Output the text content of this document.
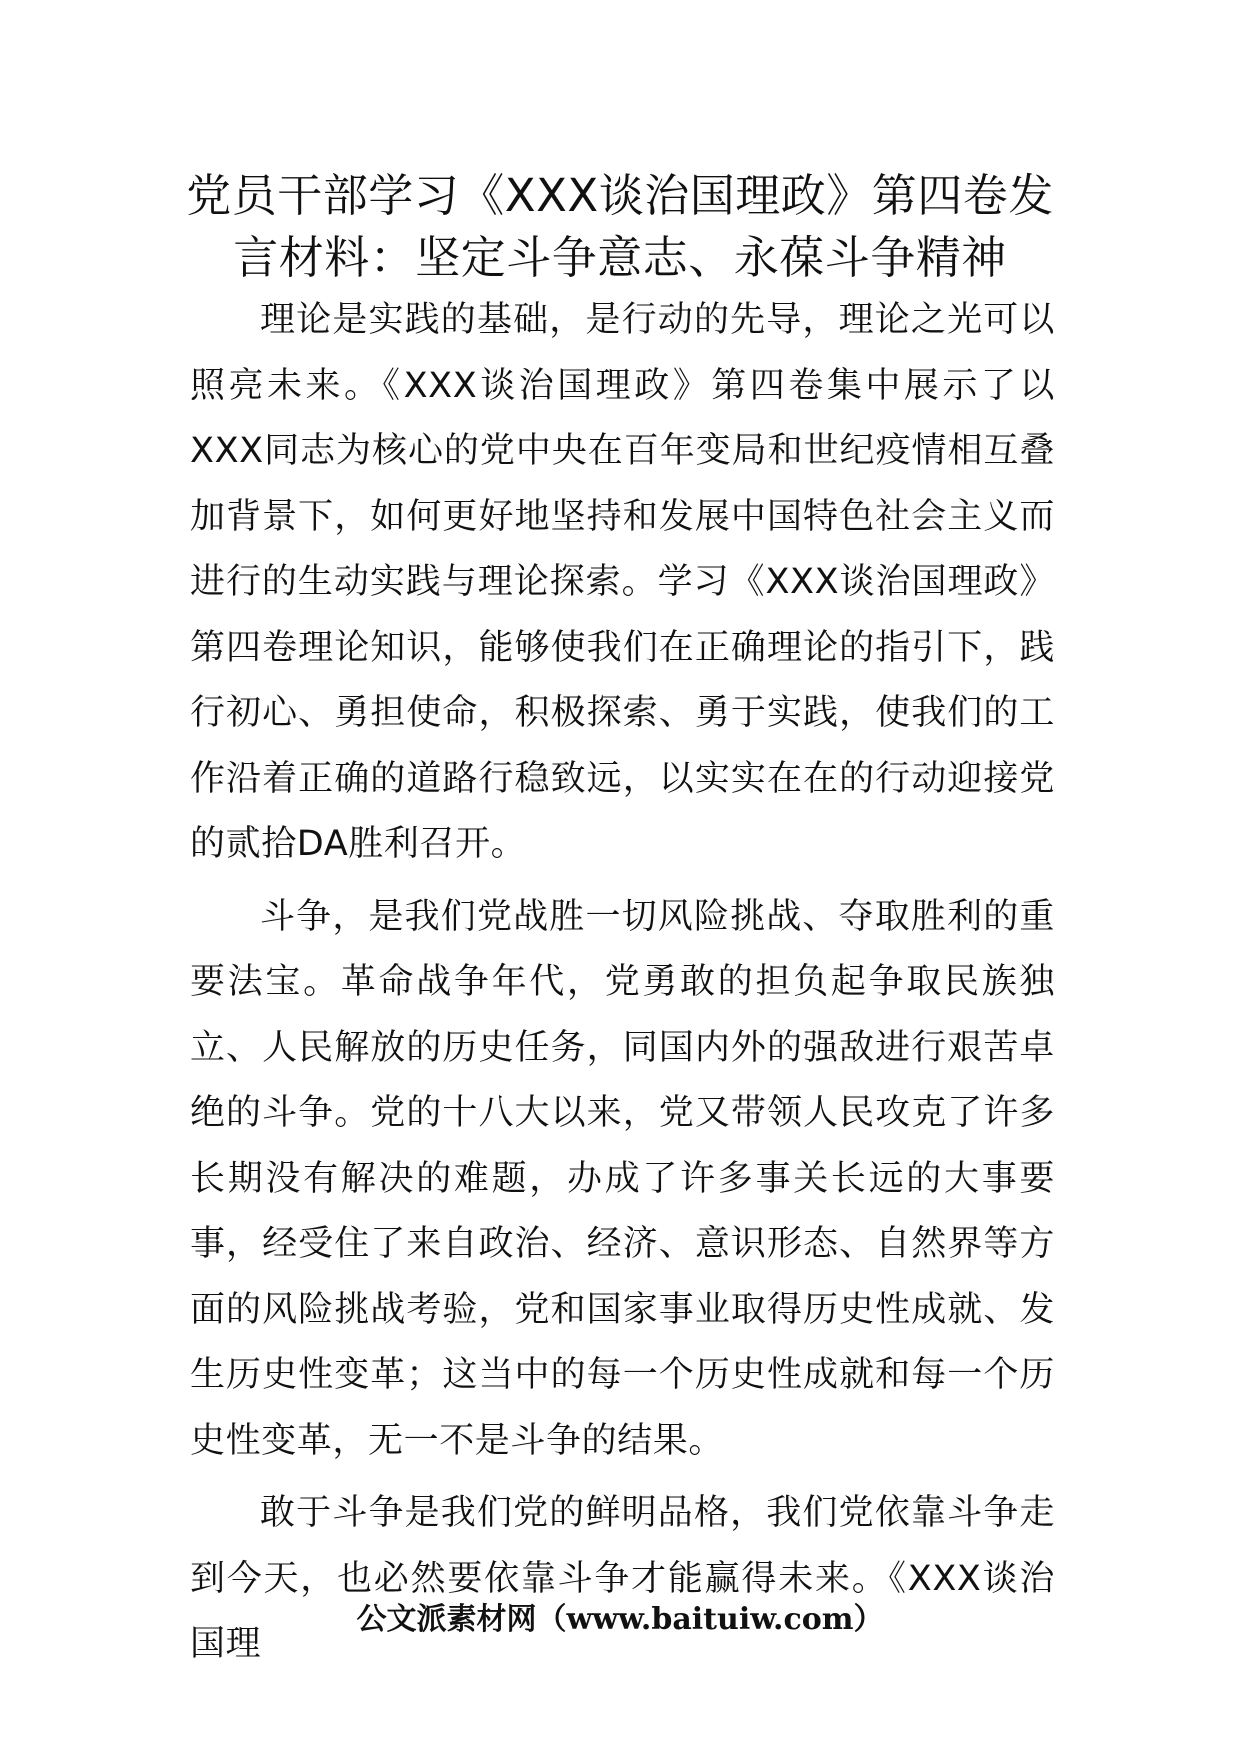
党员干部学习《XXX谈治国理政》第四卷发言材料：坚定斗争意志、永葆斗争精神

理论是实践的基础，是行动的先导，理论之光可以照亮未来。《XXX谈治国理政》第四卷集中展示了以XXX同志为核心的党中央在百年变局和世纪疫情相互叠加背景下，如何更好地坚持和发展中国特色社会主义而进行的生动实践与理论探索。学习《XXX谈治国理政》第四卷理论知识，能够使我们在正确理论的指引下，践行初心、勇担使命，积极探索、勇于实践，使我们的工作沿着正确的道路行稳致远，以实实在在的行动迎接党的贰拾DA胜利召开。

斗争，是我们党战胜一切风险挑战、夺取胜利的重要法宝。革命战争年代，党勇敢的担负起争取民族独立、人民解放的历史任务，同国内外的强敌进行艰苦卓绝的斗争。党的十八大以来，党又带领人民攻克了许多长期没有解决的难题，办成了许多事关长远的大事要事，经受住了来自政治、经济、意识形态、自然界等方面的风险挑战考验，党和国家事业取得历史性成就、发生历史性变革；这当中的每一个历史性成就和每一个历史性变革，无一不是斗争的结果。

敢于斗争是我们党的鲜明品格，我们党依靠斗争走到今天，也必然要依靠斗争才能赢得未来。《XXX谈治国理

公文派素材网（www.baituiw.com）
